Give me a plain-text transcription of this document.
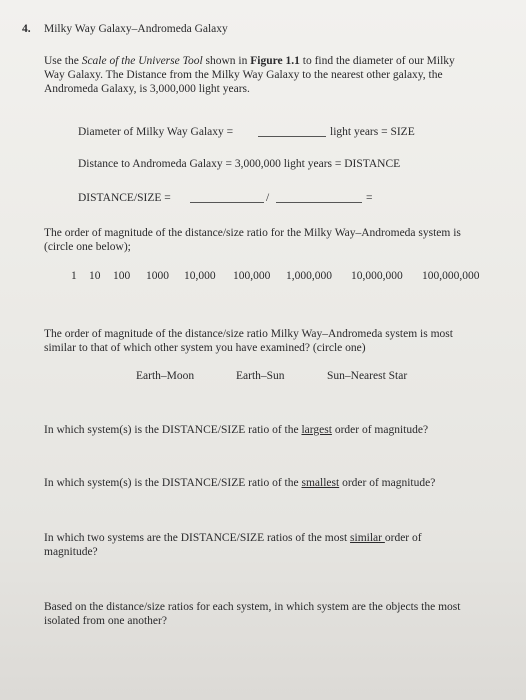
4. Milky Way Galaxy–Andromeda Galaxy
Use the Scale of the Universe Tool shown in Figure 1.1 to find the diameter of our Milky
Way Galaxy. The Distance from the Milky Way Galaxy to the nearest other galaxy, the
Andromeda Galaxy, is 3,000,000 light years.
Diameter of Milky Way Galaxy =	light years = SIZE
Distance to Andromeda Galaxy = 3,000,000 light years = DISTANCE
DISTANCE/SIZE =	/	=
The order of magnitude of the distance/size ratio for the Milky Way–Andromeda system is
(circle one below);
1 10 100 1000 10,000 100,000 1,000,000 10,000,000 100,000,000
The order of magnitude of the distance/size ratio Milky Way–Andromeda system is most
similar to that of which other system you have examined? (circle one)
Earth–Moon	Earth–Sun	Sun–Nearest Star
In which system(s) is the DISTANCE/SIZE ratio of the largest order of magnitude?
In which system(s) is the DISTANCE/SIZE ratio of the smallest order of magnitude?
In which two systems are the DISTANCE/SIZE ratios of the most similar order of
magnitude?
Based on the distance/size ratios for each system, in which system are the objects the most
isolated from one another?
